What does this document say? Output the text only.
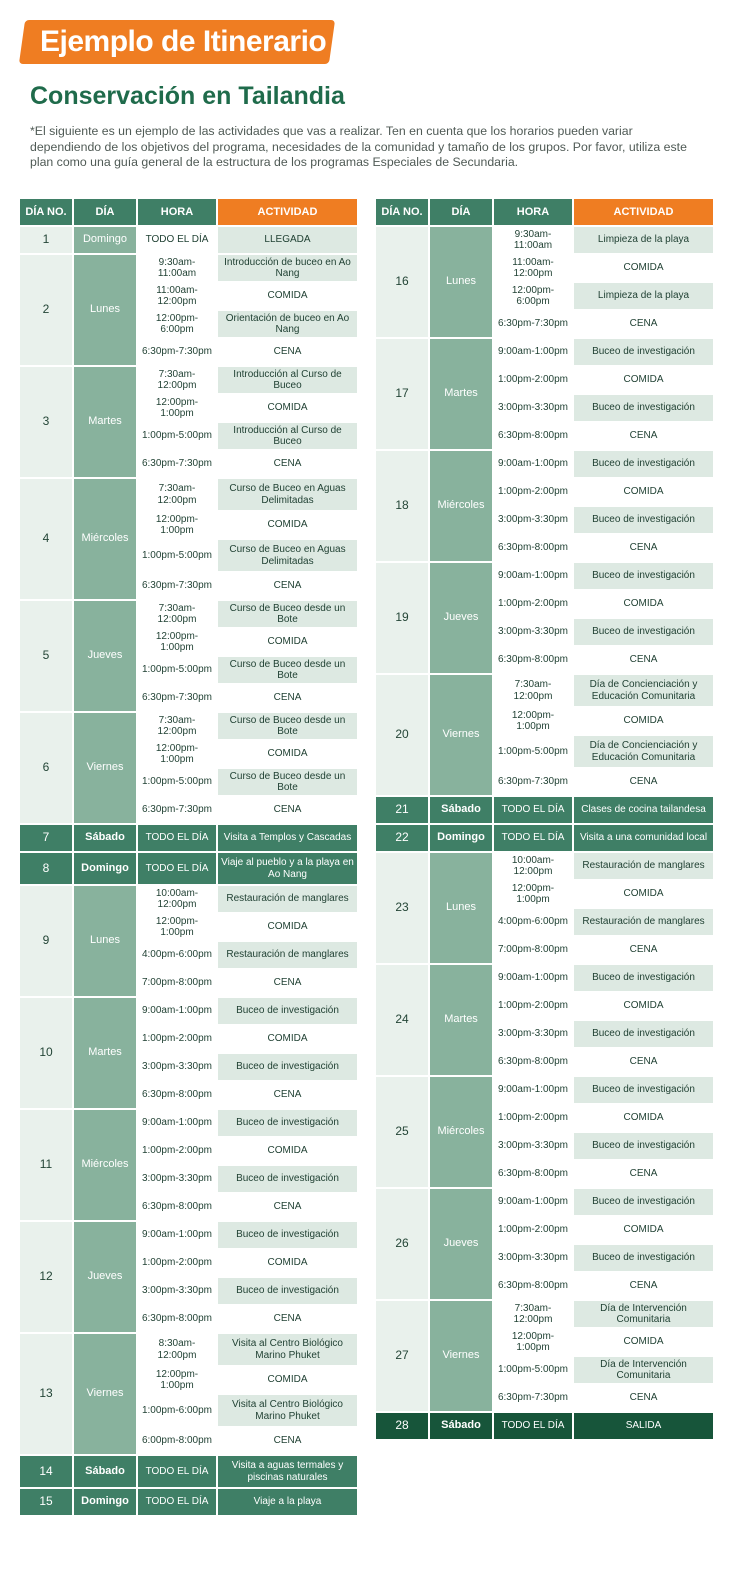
Ejemplo de Itinerario
Conservación en Tailandia
*El siguiente es un ejemplo de las actividades que vas a realizar. Ten en cuenta que los horarios pueden variar dependiendo de los objetivos del programa, necesidades de la comunidad y tamaño de los grupos. Por favor, utiliza este plan como una guía general de la estructura de los programas Especiales de Secundaria.
DÍA NO.	DÍA	HORA	ACTIVIDAD
1	Domingo	TODO EL DÍA	LLEGADA
2	Lunes	9:30am-11:00am	Introducción de buceo en Ao Nang
		11:00am-12:00pm	COMIDA
		12:00pm-6:00pm	Orientación de buceo en Ao Nang
		6:30pm-7:30pm	CENA
3	Martes	7:30am-12:00pm	Introducción al Curso de Buceo
		12:00pm-1:00pm	COMIDA
		1:00pm-5:00pm	Introducción al Curso de Buceo
		6:30pm-7:30pm	CENA
4	Miércoles	7:30am-12:00pm	Curso de Buceo en Aguas Delimitadas
		12:00pm-1:00pm	COMIDA
		1:00pm-5:00pm	Curso de Buceo en Aguas Delimitadas
		6:30pm-7:30pm	CENA
5	Jueves	7:30am-12:00pm	Curso de Buceo desde un Bote
		12:00pm-1:00pm	COMIDA
		1:00pm-5:00pm	Curso de Buceo desde un Bote
		6:30pm-7:30pm	CENA
6	Viernes	7:30am-12:00pm	Curso de Buceo desde un Bote
		12:00pm-1:00pm	COMIDA
		1:00pm-5:00pm	Curso de Buceo desde un Bote
		6:30pm-7:30pm	CENA
7	Sábado	TODO EL DÍA	Visita a Templos y Cascadas
8	Domingo	TODO EL DÍA	Viaje al pueblo y a la playa en Ao Nang
9	Lunes	10:00am-12:00pm	Restauración de manglares
		12:00pm-1:00pm	COMIDA
		4:00pm-6:00pm	Restauración de manglares
		7:00pm-8:00pm	CENA
10	Martes	9:00am-1:00pm	Buceo de investigación
		1:00pm-2:00pm	COMIDA
		3:00pm-3:30pm	Buceo de investigación
		6:30pm-8:00pm	CENA
11	Miércoles	9:00am-1:00pm	Buceo de investigación
		1:00pm-2:00pm	COMIDA
		3:00pm-3:30pm	Buceo de investigación
		6:30pm-8:00pm	CENA
12	Jueves	9:00am-1:00pm	Buceo de investigación
		1:00pm-2:00pm	COMIDA
		3:00pm-3:30pm	Buceo de investigación
		6:30pm-8:00pm	CENA
13	Viernes	8:30am-12:00pm	Visita al Centro Biológico Marino Phuket
		12:00pm-1:00pm	COMIDA
		1:00pm-6:00pm	Visita al Centro Biológico Marino Phuket
		6:00pm-8:00pm	CENA
14	Sábado	TODO EL DÍA	Visita a aguas termales y piscinas naturales
15	Domingo	TODO EL DÍA	Viaje a la playa
DÍA NO.	DÍA	HORA	ACTIVIDAD
16	Lunes	9:30am-11:00am	Limpieza de la playa
		11:00am-12:00pm	COMIDA
		12:00pm-6:00pm	Limpieza de la playa
		6:30pm-7:30pm	CENA
17	Martes	9:00am-1:00pm	Buceo de investigación
		1:00pm-2:00pm	COMIDA
		3:00pm-3:30pm	Buceo de investigación
		6:30pm-8:00pm	CENA
18	Miércoles	9:00am-1:00pm	Buceo de investigación
		1:00pm-2:00pm	COMIDA
		3:00pm-3:30pm	Buceo de investigación
		6:30pm-8:00pm	CENA
19	Jueves	9:00am-1:00pm	Buceo de investigación
		1:00pm-2:00pm	COMIDA
		3:00pm-3:30pm	Buceo de investigación
		6:30pm-8:00pm	CENA
20	Viernes	7:30am-12:00pm	Día de Concienciación y Educación Comunitaria
		12:00pm-1:00pm	COMIDA
		1:00pm-5:00pm	Día de Concienciación y Educación Comunitaria
		6:30pm-7:30pm	CENA
21	Sábado	TODO EL DÍA	Clases de cocina tailandesa
22	Domingo	TODO EL DÍA	Visita a una comunidad local
23	Lunes	10:00am-12:00pm	Restauración de manglares
		12:00pm-1:00pm	COMIDA
		4:00pm-6:00pm	Restauración de manglares
		7:00pm-8:00pm	CENA
24	Martes	9:00am-1:00pm	Buceo de investigación
		1:00pm-2:00pm	COMIDA
		3:00pm-3:30pm	Buceo de investigación
		6:30pm-8:00pm	CENA
25	Miércoles	9:00am-1:00pm	Buceo de investigación
		1:00pm-2:00pm	COMIDA
		3:00pm-3:30pm	Buceo de investigación
		6:30pm-8:00pm	CENA
26	Jueves	9:00am-1:00pm	Buceo de investigación
		1:00pm-2:00pm	COMIDA
		3:00pm-3:30pm	Buceo de investigación
		6:30pm-8:00pm	CENA
27	Viernes	7:30am-12:00pm	Día de Intervención Comunitaria
		12:00pm-1:00pm	COMIDA
		1:00pm-5:00pm	Día de Intervención Comunitaria
		6:30pm-7:30pm	CENA
28	Sábado	TODO EL DÍA	SALIDA
